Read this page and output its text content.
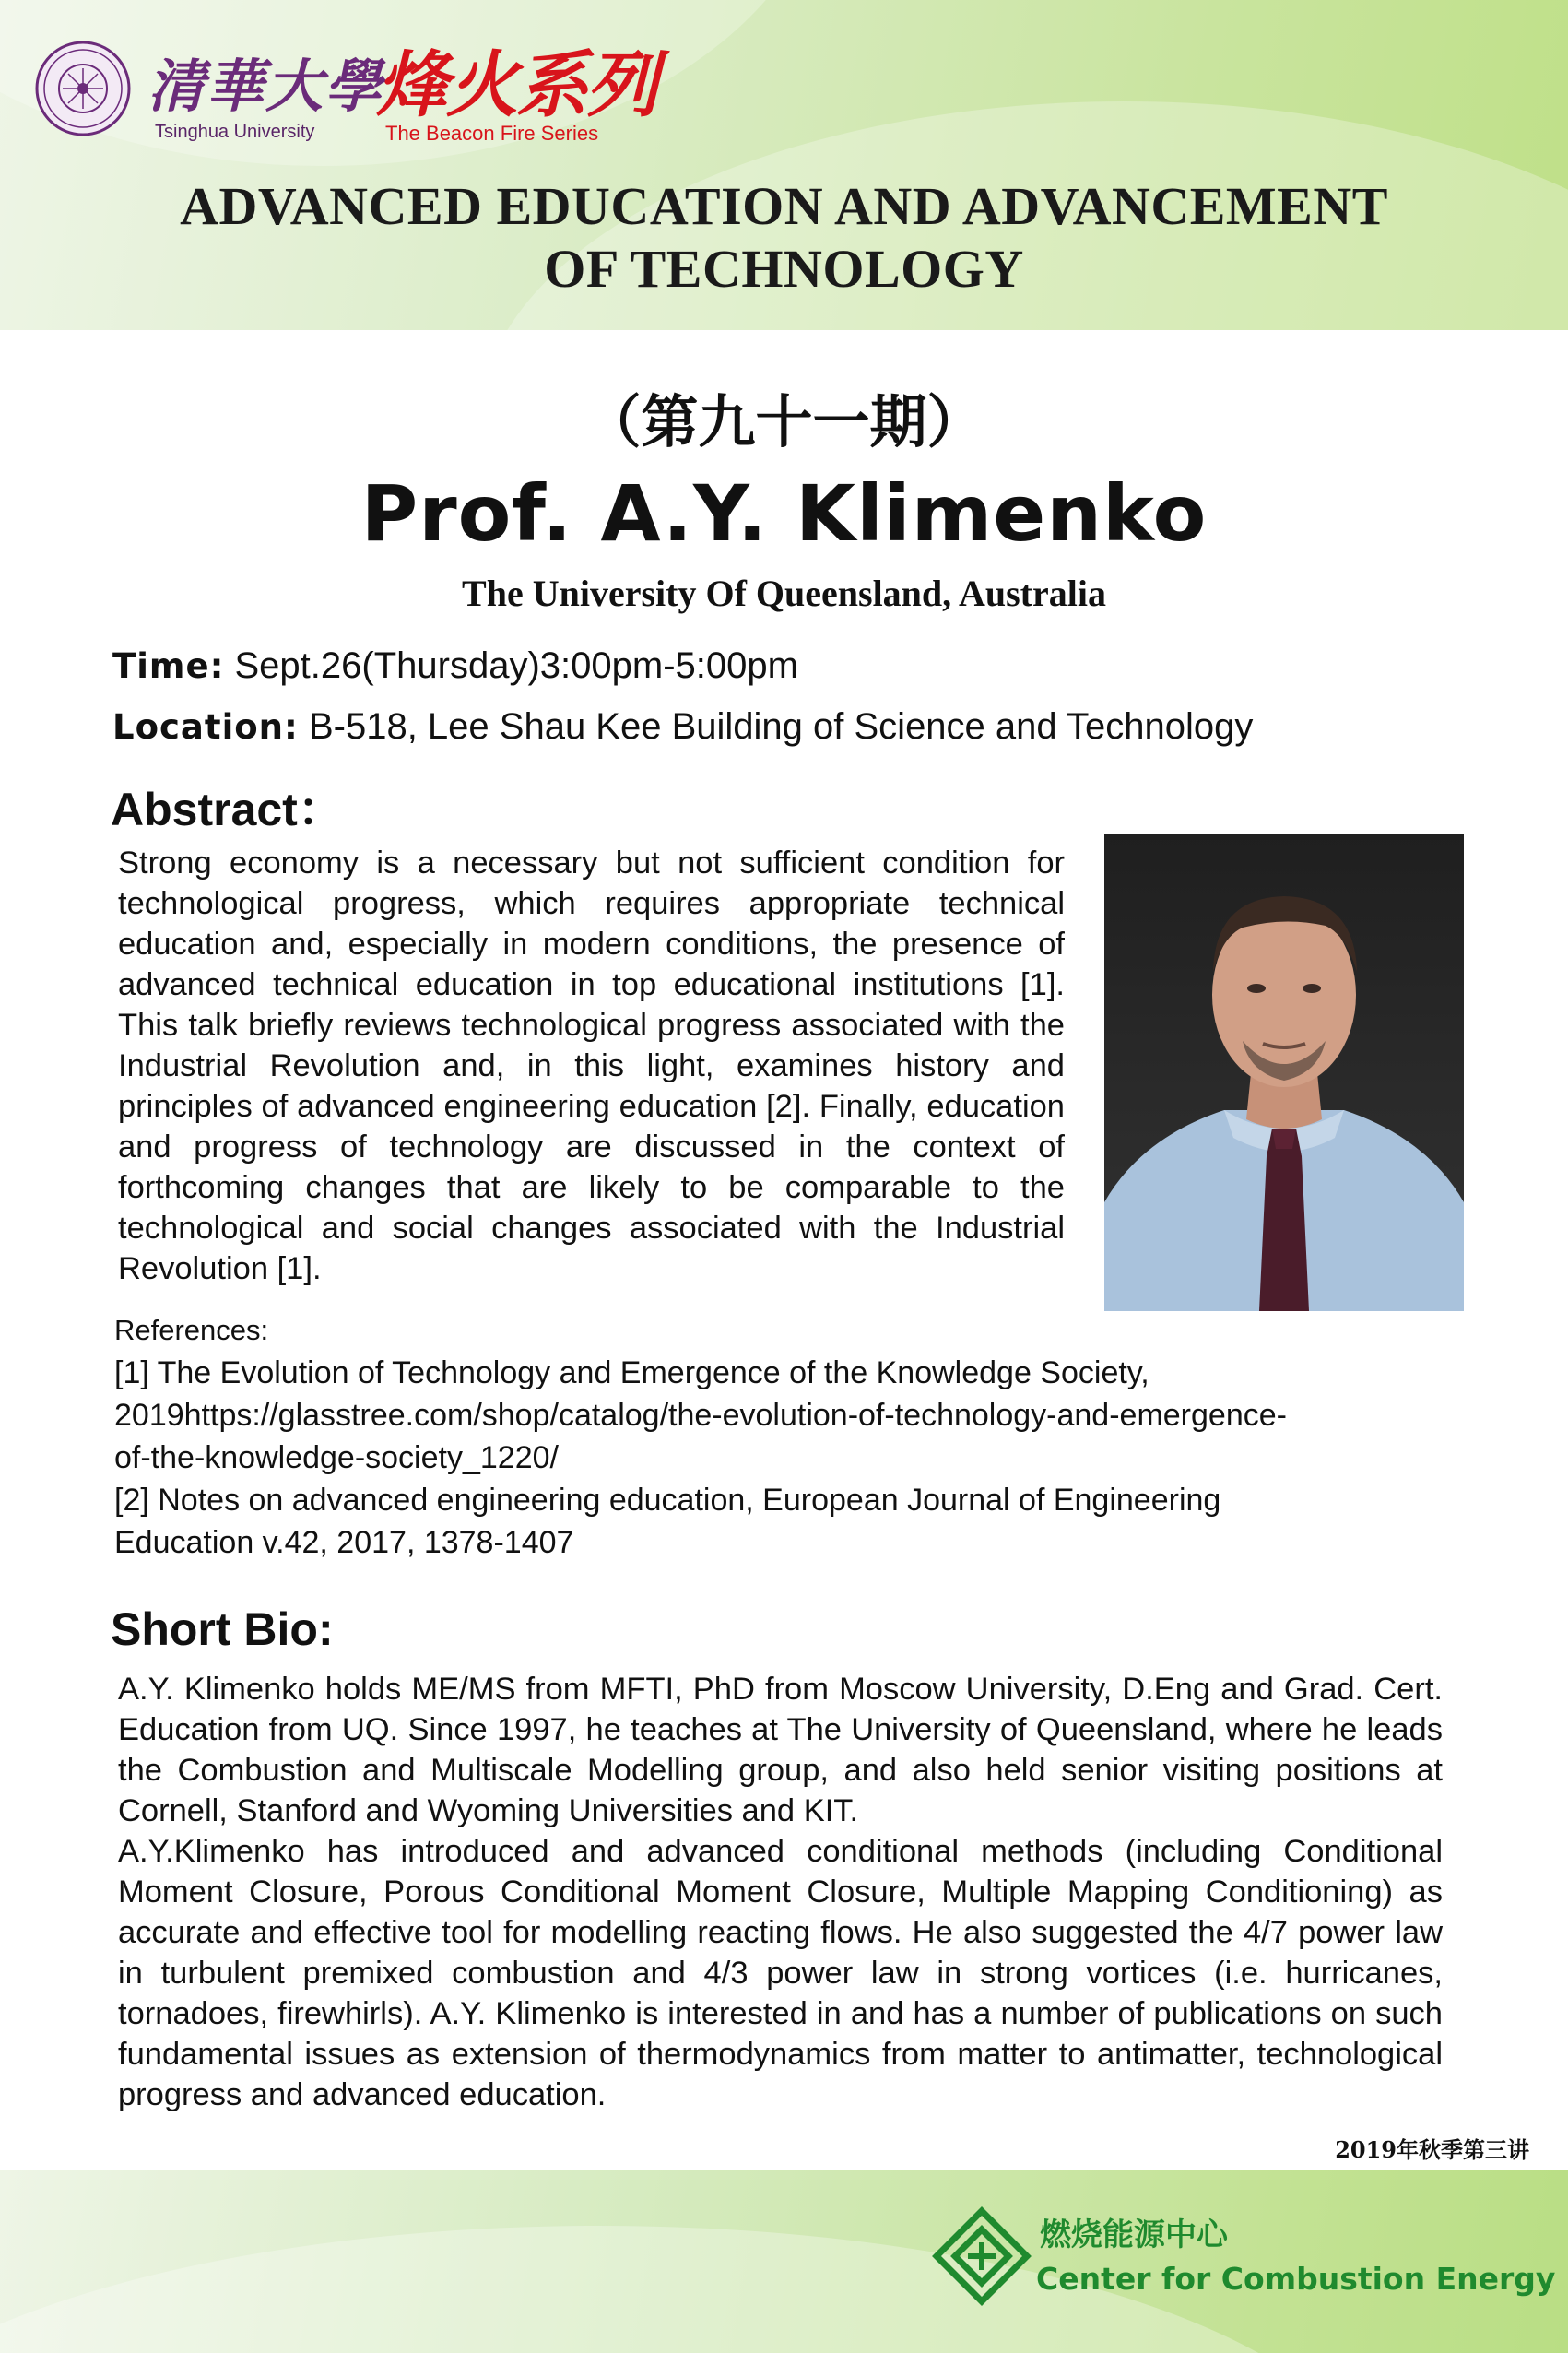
清華大學
Tsinghua University
烽火系列
The Beacon Fire Series
ADVANCED EDUCATION AND ADVANCEMENT
OF TECHNOLOGY
（第九十一期）
Prof. A.Y. Klimenko
The University Of Queensland, Australia
Time: Sept.26(Thursday)3:00pm-5:00pm
Location: B-518, Lee Shau Kee Building of Science and Technology
Abstract：
Strong economy is a necessary but not sufficient condition for technological progress, which requires appropriate technical education and, especially in modern conditions, the presence of advanced technical education in top educational institutions [1]. This talk briefly reviews technological progress associated with the Industrial Revolution and, in this light, examines history and principles of advanced engineering education [2]. Finally, education and progress of technology are discussed in the context of forthcoming changes that are likely to be comparable to the technological and social changes associated with the Industrial Revolution [1].
References:
[1] The Evolution of Technology and Emergence of the Knowledge Society,
2019https://glasstree.com/shop/catalog/the-evolution-of-technology-and-emergence-
of-the-knowledge-society_1220/
[2] Notes on advanced engineering education, European Journal of Engineering
Education v.42, 2017, 1378-1407
Short Bio:
A.Y. Klimenko holds ME/MS from MFTI, PhD from Moscow University, D.Eng and Grad. Cert. Education from UQ. Since 1997, he teaches at The University of Queensland, where he leads the Combustion and Multiscale Modelling group, and also held senior visiting positions at Cornell, Stanford and Wyoming Universities and KIT.
A.Y.Klimenko has introduced and advanced conditional methods (including Conditional Moment Closure, Porous Conditional Moment Closure, Multiple Mapping Conditioning) as accurate and effective tool for modelling reacting flows. He also suggested the 4/7 power law in turbulent premixed combustion and 4/3 power law in strong vortices (i.e. hurricanes, tornadoes, firewhirls). A.Y. Klimenko is interested in and has a number of publications on such fundamental issues as extension of thermodynamics from matter to antimatter, technological progress and advanced education.
2019年秋季第三讲
燃烧能源中心
Center for Combustion Energy
